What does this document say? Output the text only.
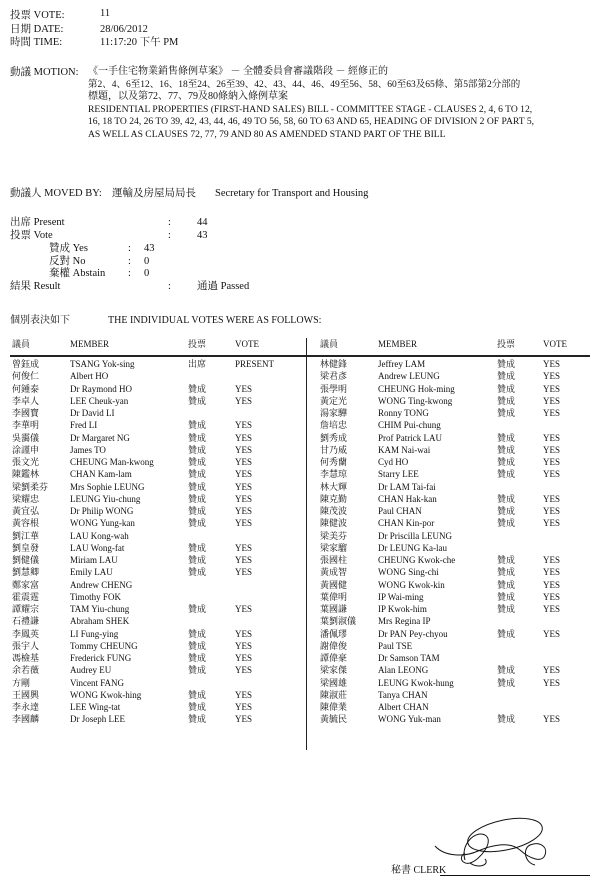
投票 VOTE:	11
日期 DATE:	28/06/2012
時間 TIME:	11:17:20 下午 PM
動議 MOTION: 《一手住宅物業銷售條例草案》 － 全體委員會審議階段 － 經修正的
第2、4、6至12、16、18至24、26至39、42、43、44、46、49至56、58、60至63及65條、第5部第2分部的
標題，以及第72、77、79及80條納入條例草案
RESIDENTIAL PROPERTIES (FIRST-HAND SALES) BILL - COMMITTEE STAGE - CLAUSES 2, 4, 6 TO 12,
16, 18 TO 24, 26 TO 39, 42, 43, 44, 46, 49 TO 56, 58, 60 TO 63 AND 65, HEADING OF DIVISION 2 OF PART 5,
AS WELL AS CLAUSES 72, 77, 79 AND 80 AS AMENDED STAND PART OF THE BILL
動議人 MOVED BY: 運輸及房屋局局長 Secretary for Transport and Housing
出席 Present	: 44
投票 Vote	: 43
贊成 Yes	: 43
反對 No	: 0
棄權 Abstain : 0
結果 Result	: 通過 Passed
個別表決如下	THE INDIVIDUAL VOTES WERE AS FOLLOWS:
議員	MEMBER	投票	VOTE	議員	MEMBER	投票	VOTE
曾鈺成	TSANG Yok-sing	出席	PRESENT
何俊仁	Albert HO
何鍾泰	Dr Raymond HO	贊成	YES
李卓人	LEE Cheuk-yan	贊成	YES
李國寶	Dr David LI
李華明	Fred LI	贊成	YES
吳靄儀	Dr Margaret NG	贊成	YES
涂謹申	James TO	贊成	YES
張文光	CHEUNG Man-kwong	贊成	YES
陳鑑林	CHAN Kam-lam	贊成	YES
梁劉柔芬 Mrs Sophie LEUNG	贊成	YES
梁耀忠	LEUNG Yiu-chung	贊成	YES
黃宜弘	Dr Philip WONG	贊成	YES
黃容根	WONG Yung-kan	贊成	YES
劉江華	LAU Kong-wah
劉皇發	LAU Wong-fat	贊成	YES
劉健儀	Miriam LAU	贊成	YES
劉慧卿	Emily LAU	贊成	YES
鄭家富	Andrew CHENG
霍震霆	Timothy FOK
譚耀宗	TAM Yiu-chung	贊成	YES
石禮謙	Abraham SHEK
李鳳英	LI Fung-ying	贊成	YES
張宇人	Tommy CHEUNG	贊成	YES
馮檢基	Frederick FUNG	贊成	YES
余若薇	Audrey EU	贊成	YES
方剛	Vincent FANG
王國興	WONG Kwok-hing	贊成	YES
李永達	LEE Wing-tat	贊成	YES
李國麟	Dr Joseph LEE	贊成	YES
林健鋒	Jeffrey LAM	贊成	YES
梁君彥	Andrew LEUNG	贊成	YES
張學明	CHEUNG Hok-ming	贊成	YES
黃定光	WONG Ting-kwong	贊成	YES
湯家驊	Ronny TONG	贊成	YES
詹培忠	CHIM Pui-chung
劉秀成	Prof Patrick LAU	贊成	YES
甘乃威	KAM Nai-wai	贊成	YES
何秀蘭	Cyd HO	贊成	YES
李慧琼	Starry LEE	贊成	YES
林大輝	Dr LAM Tai-fai
陳克勤	CHAN Hak-kan	贊成	YES
陳茂波	Paul CHAN	贊成	YES
陳健波	CHAN Kin-por	贊成	YES
梁美芬	Dr Priscilla LEUNG
梁家騮	Dr LEUNG Ka-lau
張國柱	CHEUNG Kwok-che	贊成	YES
黃成智	WONG Sing-chi	贊成	YES
黃國健	WONG Kwok-kin	贊成	YES
葉偉明	IP Wai-ming	贊成	YES
葉國謙	IP Kwok-him	贊成	YES
葉劉淑儀 Mrs Regina IP
潘佩璆	Dr PAN Pey-chyou	贊成	YES
謝偉俊	Paul TSE
譚偉豪	Dr Samson TAM
梁家傑	Alan LEONG	贊成	YES
梁國雄	LEUNG Kwok-hung	贊成	YES
陳淑莊	Tanya CHAN
陳偉業	Albert CHAN
黃毓民	WONG Yuk-man	贊成	YES
秘書 CLERK
